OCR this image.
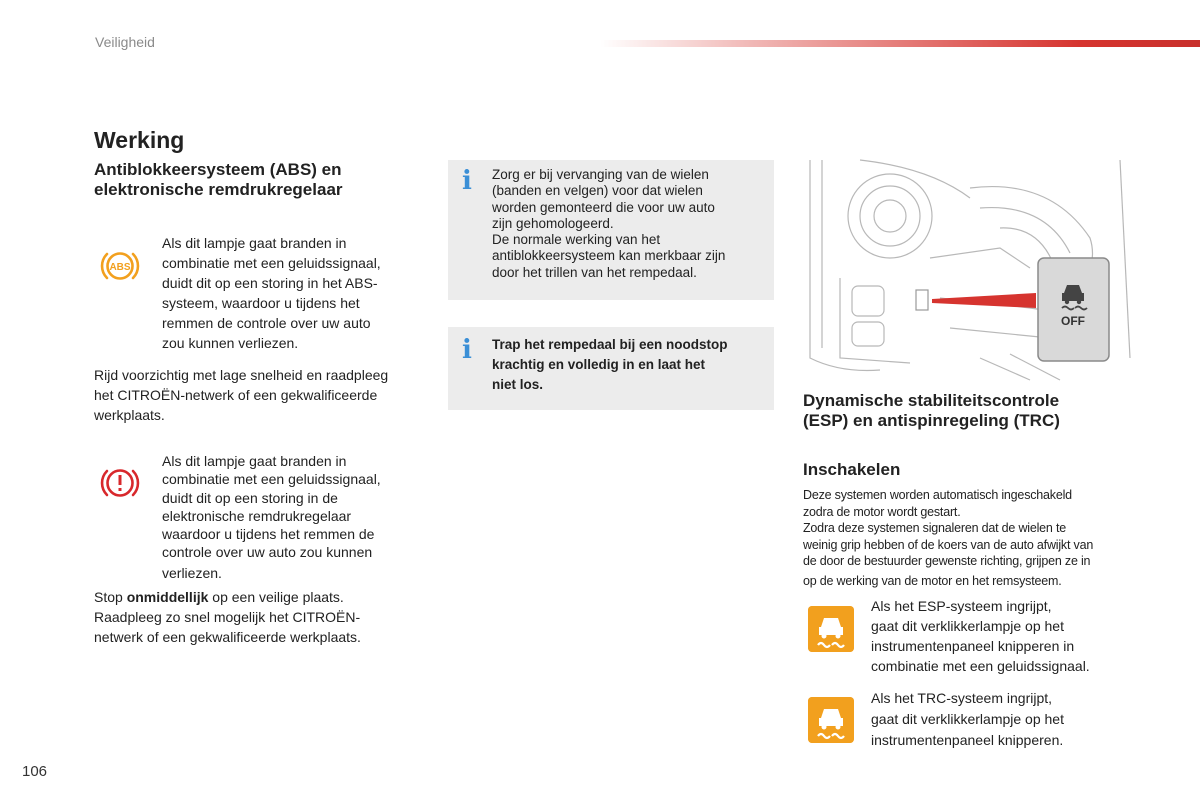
Veiligheid
Werking
Antiblokkeersysteem (ABS) en
elektronische remdrukregelaar
ABS
Als dit lampje gaat branden in
combinatie met een geluidssignaal,
duidt dit op een storing in het ABS-
systeem, waardoor u tijdens het
remmen de controle over uw auto
zou kunnen verliezen.
Rijd voorzichtig met lage snelheid en raadpleeg
het CITROËN-netwerk of een gekwalificeerde
werkplaats.
Als dit lampje gaat branden in
combinatie met een geluidssignaal,
duidt dit op een storing in de
elektronische remdrukregelaar
waardoor u tijdens het remmen de
controle over uw auto zou kunnen
verliezen.
Stop onmiddellijk op een veilige plaats.
Raadpleeg zo snel mogelijk het CITROËN-
netwerk of een gekwalificeerde werkplaats.
i Zorg er bij vervanging van de wielen
(banden en velgen) voor dat wielen
worden gemonteerd die voor uw auto
zijn gehomologeerd.
De normale werking van het
antiblokkeersysteem kan merkbaar zijn
door het trillen van het rempedaal.
i Trap het rempedaal bij een noodstop
krachtig en volledig in en laat het
niet los.
OFF
Dynamische stabiliteitscontrole
(ESP) en antispinregeling (TRC)
Inschakelen
Deze systemen worden automatisch ingeschakeld
zodra de motor wordt gestart.
Zodra deze systemen signaleren dat de wielen te
weinig grip hebben of de koers van de auto afwijkt van
de door de bestuurder gewenste richting, grijpen ze in
op de werking van de motor en het remsysteem.
Als het ESP-systeem ingrijpt,
gaat dit verklikkerlampje op het
instrumentenpaneel knipperen in
combinatie met een geluidssignaal.
Als het TRC-systeem ingrijpt,
gaat dit verklikkerlampje op het
instrumentenpaneel knipperen.
106
